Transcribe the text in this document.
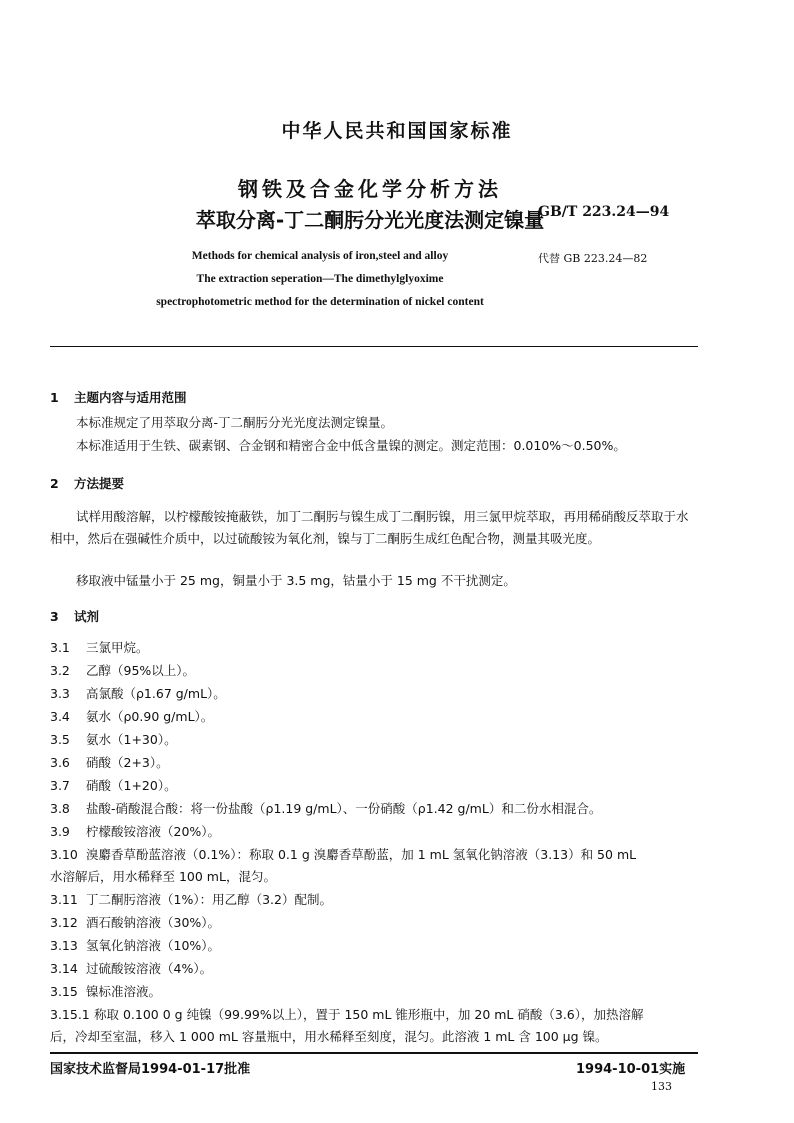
中华人民共和国国家标准
钢铁及合金化学分析方法
萃取分离-丁二酮肟分光光度法测定镍量
GB/T 223.24—94
代替 GB 223.24—82
Methods for chemical analysis of iron,steel and alloy
The extraction seperation—The dimethylglyoxime
spectrophotometric method for the determination of nickel content
1 主题内容与适用范围
本标准规定了用萃取分离-丁二酮肟分光光度法测定镍量。
本标准适用于生铁、碳素钢、合金钢和精密合金中低含量镍的测定。测定范围：0.010%～0.50%。
2 方法提要
试样用酸溶解，以柠檬酸铵掩蔽铁，加丁二酮肟与镍生成丁二酮肟镍，用三氯甲烷萃取，再用稀硝酸反萃取于水相中，然后在强碱性介质中，以过硫酸铵为氧化剂，镍与丁二酮肟生成红色配合物，测量其吸光度。
移取液中锰量小于 25 mg，铜量小于 3.5 mg，钴量小于 15 mg 不干扰测定。
3 试剂
3.1 三氯甲烷。
3.2 乙醇（95%以上）。
3.3 高氯酸（ρ1.67 g/mL）。
3.4 氨水（ρ0.90 g/mL）。
3.5 氨水（1+30）。
3.6 硝酸（2+3）。
3.7 硝酸（1+20）。
3.8 盐酸-硝酸混合酸：将一份盐酸（ρ1.19 g/mL）、一份硝酸（ρ1.42 g/mL）和二份水相混合。
3.9 柠檬酸铵溶液（20%）。
3.10 溴麝香草酚蓝溶液（0.1%）：称取 0.1 g 溴麝香草酚蓝，加 1 mL 氢氧化钠溶液（3.13）和 50 mL
水溶解后，用水稀释至 100 mL，混匀。
3.11 丁二酮肟溶液（1%）：用乙醇（3.2）配制。
3.12 酒石酸钠溶液（30%）。
3.13 氢氧化钠溶液（10%）。
3.14 过硫酸铵溶液（4%）。
3.15 镍标准溶液。
3.15.1 称取 0.100 0 g 纯镍（99.99%以上），置于 150 mL 锥形瓶中，加 20 mL 硝酸（3.6），加热溶解
后，冷却至室温，移入 1 000 mL 容量瓶中，用水稀释至刻度，混匀。此溶液 1 mL 含 100 μg 镍。
国家技术监督局1994-01-17批准	1994-10-01实施
133
